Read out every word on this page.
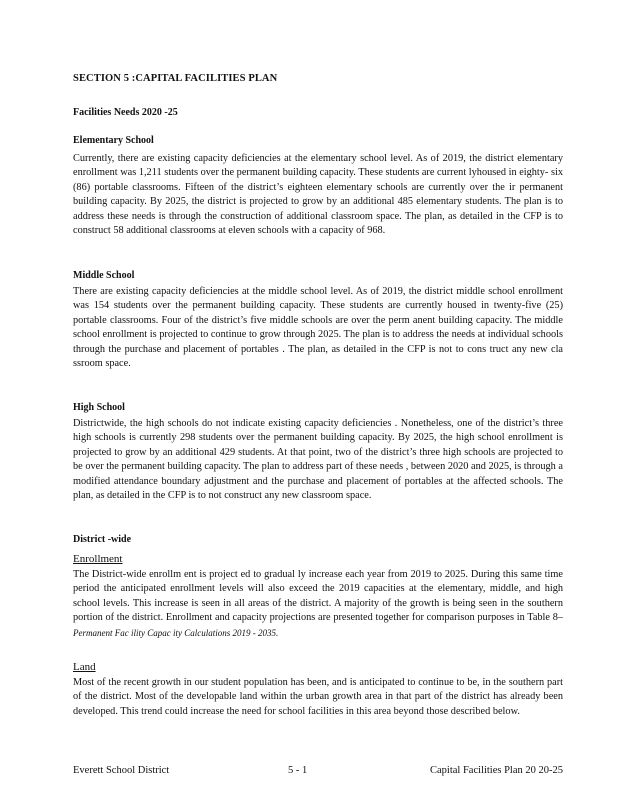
SECTION 5 :CAPITAL FACILITIES PLAN
Facilities Needs 2020 -25
Elementary School
Currently, there are existing capacity deficiencies at the elementary school level. As of 2019, the district elementary enrollment was 1,211 students over the permanent building capacity. These students are current lyhoused in eighty- six (86) portable classrooms. Fifteen of the district’s eighteen elementary schools are currently over the ir permanent building capacity. By 2025, the district is projected to grow by an additional 485 elementary students. The plan is to address these needs is through the construction of additional classroom space. The plan, as detailed in the CFP is to construct 58 additional classrooms at eleven schools with a capacity of 968.
Middle School
There are existing capacity deficiencies at the middle school level. As of 2019, the district middle school enrollment was 154 students over the permanent building capacity. These students are currently housed in twenty-five (25) portable classrooms. Four of the district’s five middle schools are over the perm anent building capacity. The middle school enrollment is projected to continue to grow through 2025. The plan is to address the needs at individual schools through the purchase and placement of portables . The plan, as detailed in the CFP is not to cons truct any new cla ssroom space.
High School
Districtwide, the high schools do not indicate existing capacity deficiencies . Nonetheless, one of the district’s three high schools is currently 298 students over the permanent building capacity. By 2025, the high school enrollment is projected to grow by an additional 429 students. At that point, two of the district’s three high schools are projected to be over the permanent building capacity. The plan to address part of these needs , between 2020 and 2025, is through a modified attendance boundary adjustment and the purchase and placement of portables at the affected schools. The plan, as detailed in the CFP is to not construct any new classroom space.
District -wide
Enrollment
The District-wide enrollm ent is project ed to gradual ly increase each year from 2019 to 2025. During this same time period the anticipated enrollment levels will also exceed the 2019 capacities at the elementary, middle, and high school levels. This increase is seen in all areas of the district. A majority of the growth is being seen in the southern portion of the district. Enrollment and capacity projections are presented together for comparison purposes in Table 8– Permanent Fac ility Capac ity Calculations 2019 - 2035.
Land
Most of the recent growth in our student population has been, and is anticipated to continue to be, in the southern part of the district. Most of the developable land within the urban growth area in that part of the district has already been developed. This trend could increase the need for school facilities in this area beyond those described below.
Everett School District	5 - 1	Capital Facilities Plan 20 20-25
